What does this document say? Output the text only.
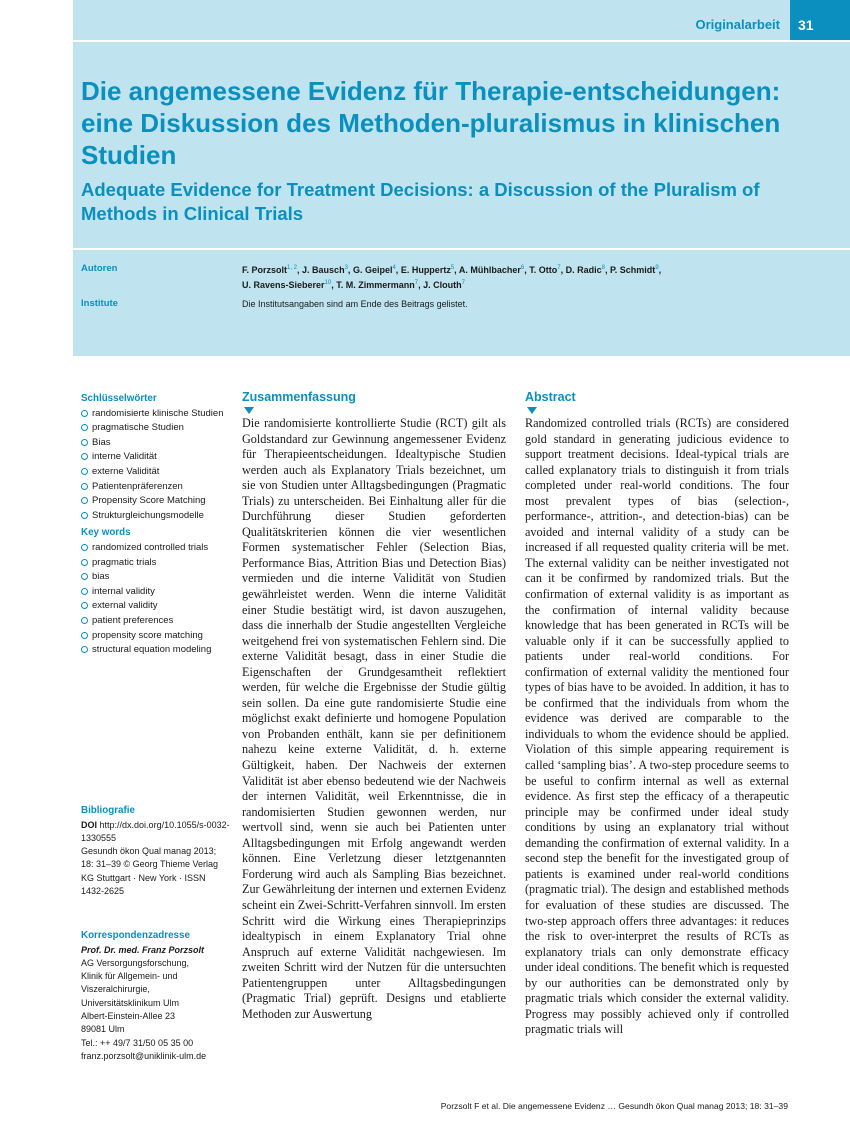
Originalarbeit	31
Die angemessene Evidenz für Therapie-entscheidungen: eine Diskussion des Methoden-pluralismus in klinischen Studien
Adequate Evidence for Treatment Decisions: a Discussion of the Pluralism of Methods in Clinical Trials
Autoren	F. Porzsolt$^{1, 2}$, J. Bausch$^3$, G. Geipel$^4$, E. Huppertz$^5$, A. Mühlbacher$^6$, T. Otto$^7$, D. Radic$^8$, P. Schmidt$^9$,
U. Ravens-Sieberer$^{10}$, T. M. Zimmermann$^7$, J. Clouth$^7$
Institute	Die Institutsangaben sind am Ende des Beitrags gelistet.
Schlüsselwörter
randomisierte klinische Studien
pragmatische Studien
Bias
interne Validität
externe Validität
Patientenpräferenzen
Propensity Score Matching
Strukturgleichungsmodelle
Key words
randomized controlled trials
pragmatic trials
bias
internal validity
external validity
patient preferences
propensity score matching
structural equation modeling
Bibliografie
DOI http://dx.doi.org/10.1055/s-0032-1330555
Gesundh ökon Qual manag 2013; 18: 31–39 © Georg Thieme Verlag KG Stuttgart · New York · ISSN 1432-2625
Korrespondenzadresse
Prof. Dr. med. Franz Porzsolt
AG Versorgungsforschung,
Klinik für Allgemein- und
Viszeralchirurgie,
Universitätsklinikum Ulm
Albert-Einstein-Allee 23
89081 Ulm
Tel.: ++ 49/7 31/50 05 35 00
franz.porzsolt@uniklinik-ulm.de
Zusammenfassung

Die randomisierte kontrollierte Studie (RCT) gilt als Goldstandard zur Gewinnung angemessener Evidenz für Therapieentscheidungen. Idealtypische Studien werden auch als Explanatory Trials bezeichnet, um sie von Studien unter Alltagsbedingungen (Pragmatic Trials) zu unterscheiden. Bei Einhaltung aller für die Durchführung dieser Studien geforderten Qualitätskriterien können die vier wesentlichen Formen systematischer Fehler (Selection Bias, Performance Bias, Attrition Bias und Detection Bias) vermieden und die interne Validität von Studien gewährleistet werden. Wenn die interne Validität einer Studie bestätigt wird, ist davon auszugehen, dass die innerhalb der Studie angestellten Vergleiche weitgehend frei von systematischen Fehlern sind. Die externe Validität besagt, dass in einer Studie die Eigenschaften der Grundgesamtheit reflektiert werden, für welche die Ergebnisse der Studie gültig sein sollen. Da eine gute randomisierte Studie eine möglichst exakt definierte und homogene Population von Probanden enthält, kann sie per definitionem nahezu keine externe Validität, d. h. externe Gültigkeit, haben. Der Nachweis der externen Validität ist aber ebenso bedeutend wie der Nachweis der internen Validität, weil Erkenntnisse, die in randomisierten Studien gewonnen werden, nur wertvoll sind, wenn sie auch bei Patienten unter Alltagsbedingungen mit Erfolg angewandt werden können. Eine Verletzung dieser letztgenannten Forderung wird auch als Sampling Bias bezeichnet. Zur Gewährleitung der internen und externen Evidenz scheint ein Zwei-Schritt-Verfahren sinnvoll. Im ersten Schritt wird die Wirkung eines Therapieprinzips idealtypisch in einem Explanatory Trial ohne Anspruch auf externe Validität nachgewiesen. Im zweiten Schritt wird der Nutzen für die untersuchten Patientengruppen unter Alltagsbedingungen (Pragmatic Trial) geprüft. Designs und etablierte Methoden zur Auswertung

Abstract

Randomized controlled trials (RCTs) are considered gold standard in generating judicious evidence to support treatment decisions. Ideal-typical trials are called explanatory trials to distinguish it from trials completed under real-world conditions. The four most prevalent types of bias (selection-, performance-, attrition-, and detection-bias) can be avoided and internal validity of a study can be increased if all requested quality criteria will be met. The external validity can be neither investigated not can it be confirmed by randomized trials. But the confirmation of external validity is as important as the confirmation of internal validity because knowledge that has been generated in RCTs will be valuable only if it can be successfully applied to patients under real-world conditions. For confirmation of external validity the mentioned four types of bias have to be avoided. In addition, it has to be confirmed that the individuals from whom the evidence was derived are comparable to the individuals to whom the evidence should be applied. Violation of this simple appearing requirement is called ‘sampling bias’. A two-step procedure seems to be useful to confirm internal as well as external evidence. As first step the efficacy of a therapeutic principle may be confirmed under ideal study conditions by using an explanatory trial without demanding the confirmation of external validity. In a second step the benefit for the investigated group of patients is examined under real-world conditions (pragmatic trial). The design and established methods for evaluation of these studies are discussed. The two-step approach offers three advantages: it reduces the risk to over-interpret the results of RCTs as explanatory trials can only demonstrate efficacy under ideal conditions. The benefit which is requested by our authorities can be demonstrated only by pragmatic trials which consider the external validity. Progress may possibly achieved only if controlled pragmatic trials will

Porzsolt F et al. Die angemessene Evidenz … Gesundh ökon Qual manag 2013; 18: 31–39
